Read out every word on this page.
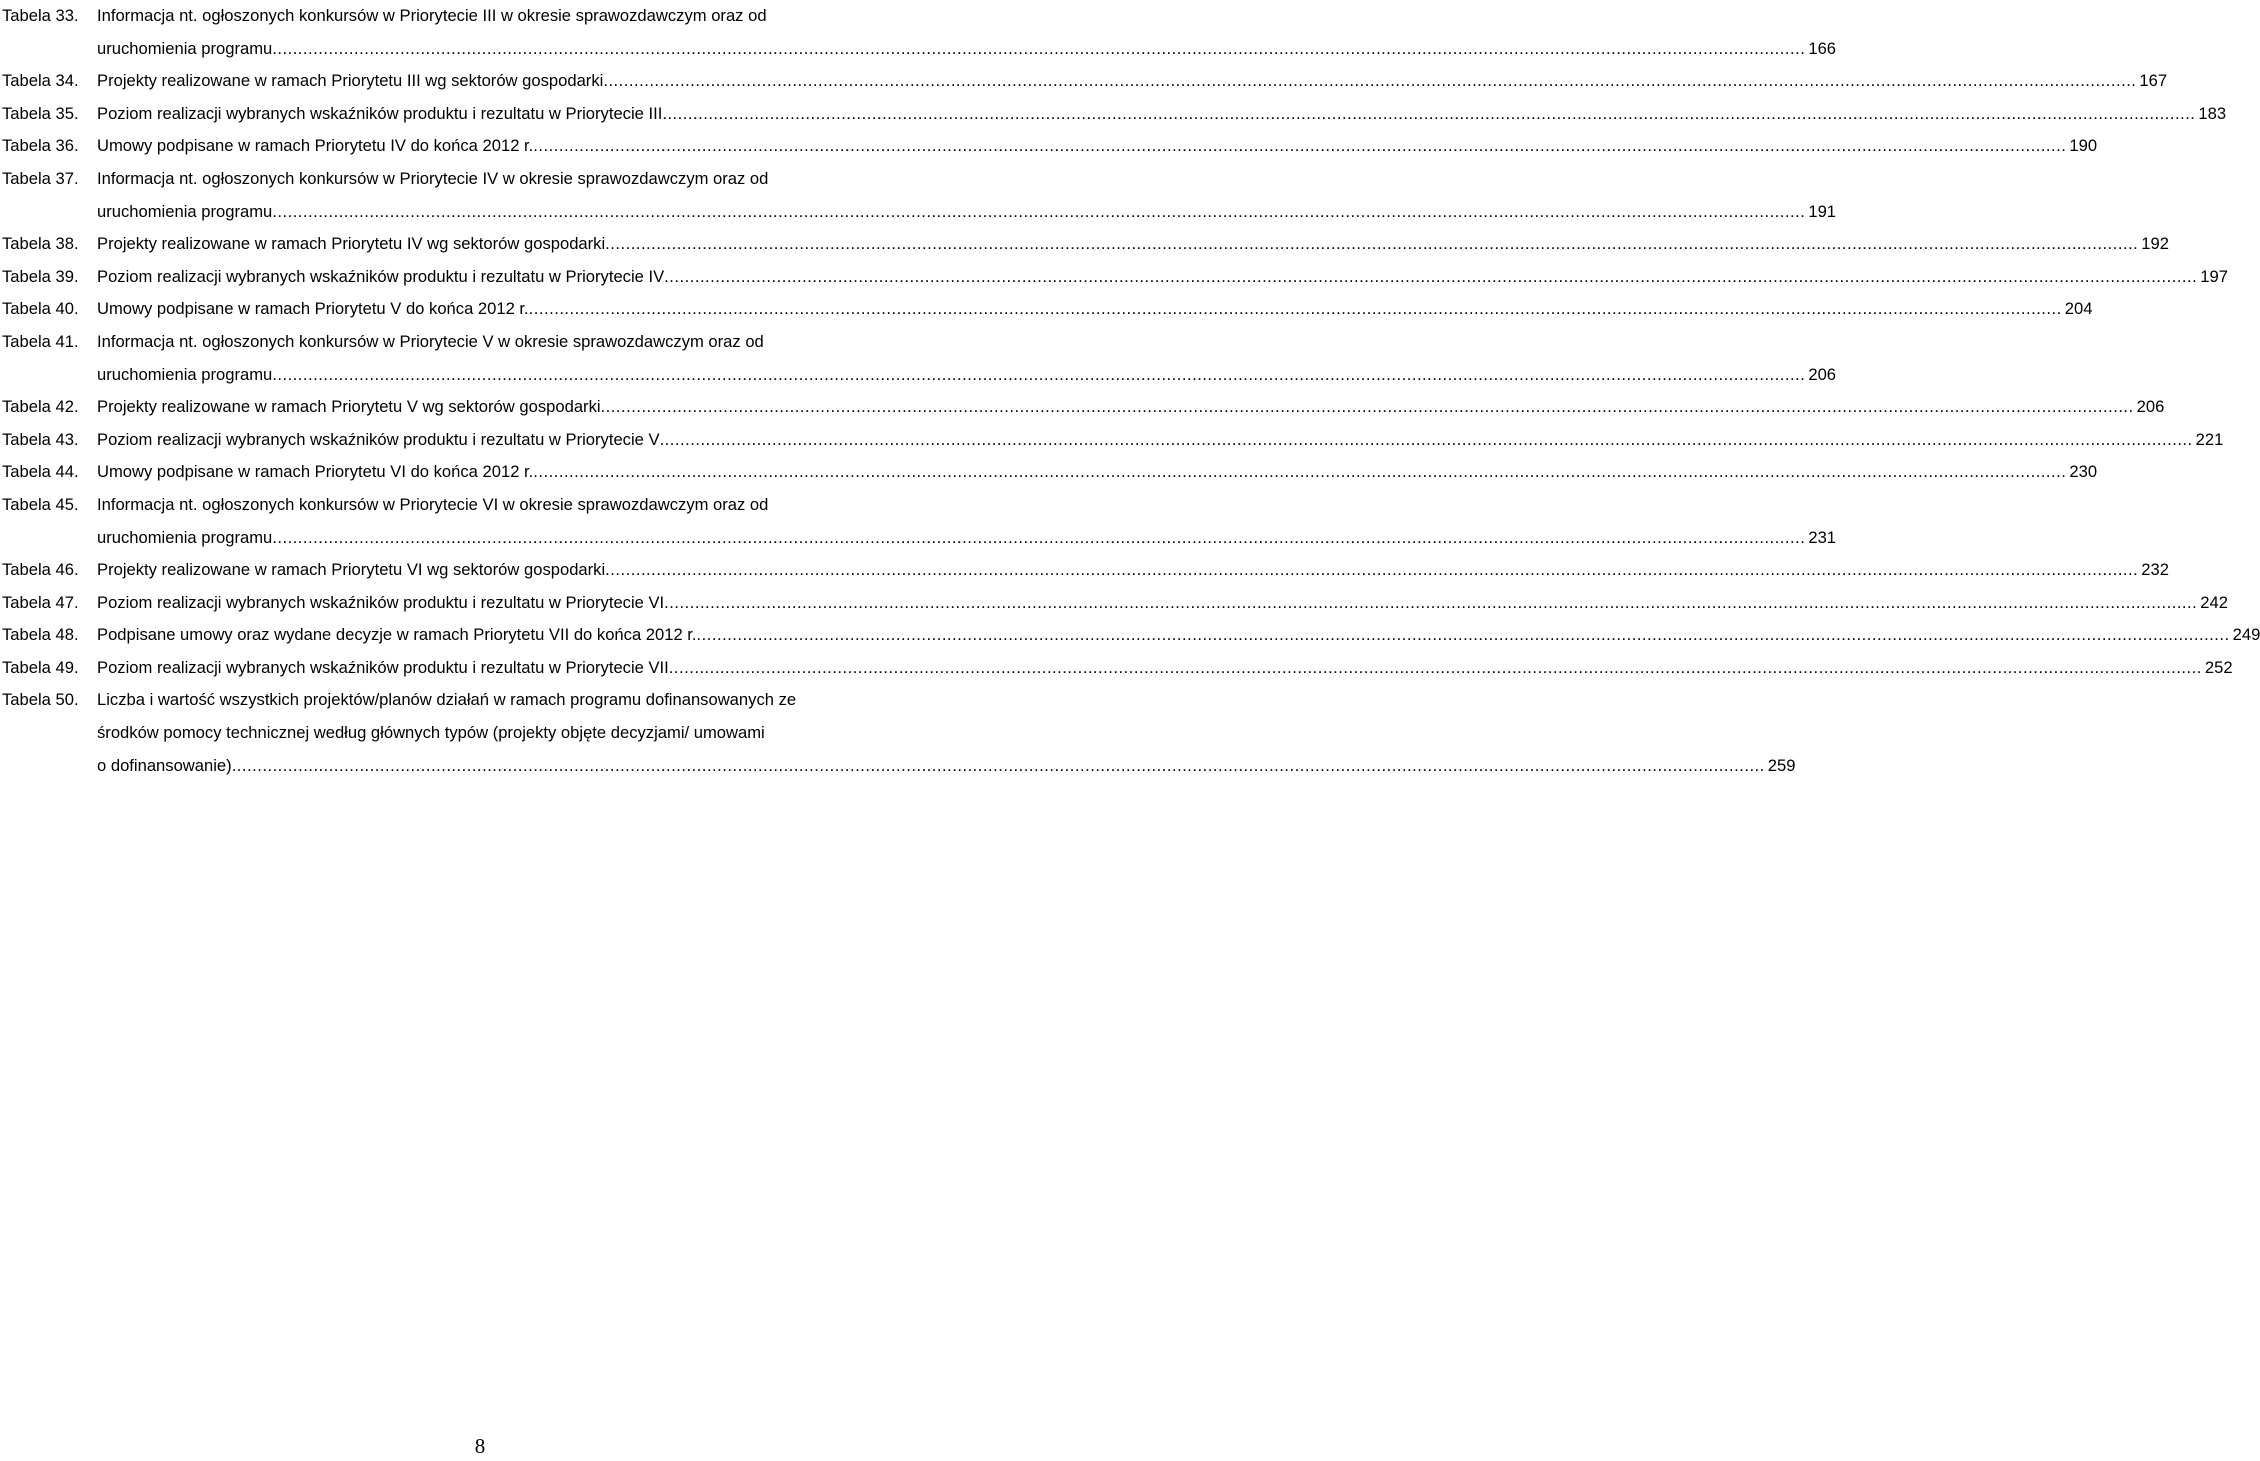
Tabela 33.	Informacja nt. ogłoszonych konkursów w Priorytecie III w okresie sprawozdawczym oraz od
uruchomienia programu ............................................................................................................................................................................................................................................................................................................ 166
Tabela 34.	Projekty realizowane w ramach Priorytetu III wg sektorów gospodarki ............................................................................................................................................................................................................................................................................................................ 167
Tabela 35.	Poziom realizacji wybranych wskaźników produktu i rezultatu w Priorytecie III ............................................................................................................................................................................................................................................................................................................ 183
Tabela 36.	Umowy podpisane w ramach Priorytetu IV do końca 2012 r. ............................................................................................................................................................................................................................................................................................................ 190
Tabela 37.	Informacja nt. ogłoszonych konkursów w Priorytecie IV w okresie sprawozdawczym oraz od
uruchomienia programu ............................................................................................................................................................................................................................................................................................................ 191
Tabela 38.	Projekty realizowane w ramach Priorytetu IV wg sektorów gospodarki ............................................................................................................................................................................................................................................................................................................ 192
Tabela 39.	Poziom realizacji wybranych wskaźników produktu i rezultatu w Priorytecie IV ............................................................................................................................................................................................................................................................................................................ 197
Tabela 40.	Umowy podpisane w ramach Priorytetu V do końca 2012 r. ............................................................................................................................................................................................................................................................................................................ 204
Tabela 41.	Informacja nt. ogłoszonych konkursów w Priorytecie V w okresie sprawozdawczym oraz od
uruchomienia programu ............................................................................................................................................................................................................................................................................................................ 206
Tabela 42.	Projekty realizowane w ramach Priorytetu V wg sektorów gospodarki ............................................................................................................................................................................................................................................................................................................ 206
Tabela 43.	Poziom realizacji wybranych wskaźników produktu i rezultatu w Priorytecie V ............................................................................................................................................................................................................................................................................................................ 221
Tabela 44.	Umowy podpisane w ramach Priorytetu VI do końca 2012 r. ............................................................................................................................................................................................................................................................................................................ 230
Tabela 45.	Informacja nt. ogłoszonych konkursów w Priorytecie VI w okresie sprawozdawczym oraz od
uruchomienia programu ............................................................................................................................................................................................................................................................................................................ 231
Tabela 46.	Projekty realizowane w ramach Priorytetu VI wg sektorów gospodarki ............................................................................................................................................................................................................................................................................................................ 232
Tabela 47.	Poziom realizacji wybranych wskaźników produktu i rezultatu w Priorytecie VI ............................................................................................................................................................................................................................................................................................................ 242
Tabela 48.	Podpisane umowy oraz wydane decyzje w ramach Priorytetu VII do końca 2012 r. ............................................................................................................................................................................................................................................................................................................ 249
Tabela 49.	Poziom realizacji wybranych wskaźników produktu i rezultatu w Priorytecie VII ............................................................................................................................................................................................................................................................................................................ 252
Tabela 50.	Liczba i wartość wszystkich projektów/planów działań w ramach programu dofinansowanych ze
środków pomocy technicznej według głównych typów (projekty objęte decyzjami/ umowami
o dofinansowanie) ............................................................................................................................................................................................................................................................................................................ 259
8
